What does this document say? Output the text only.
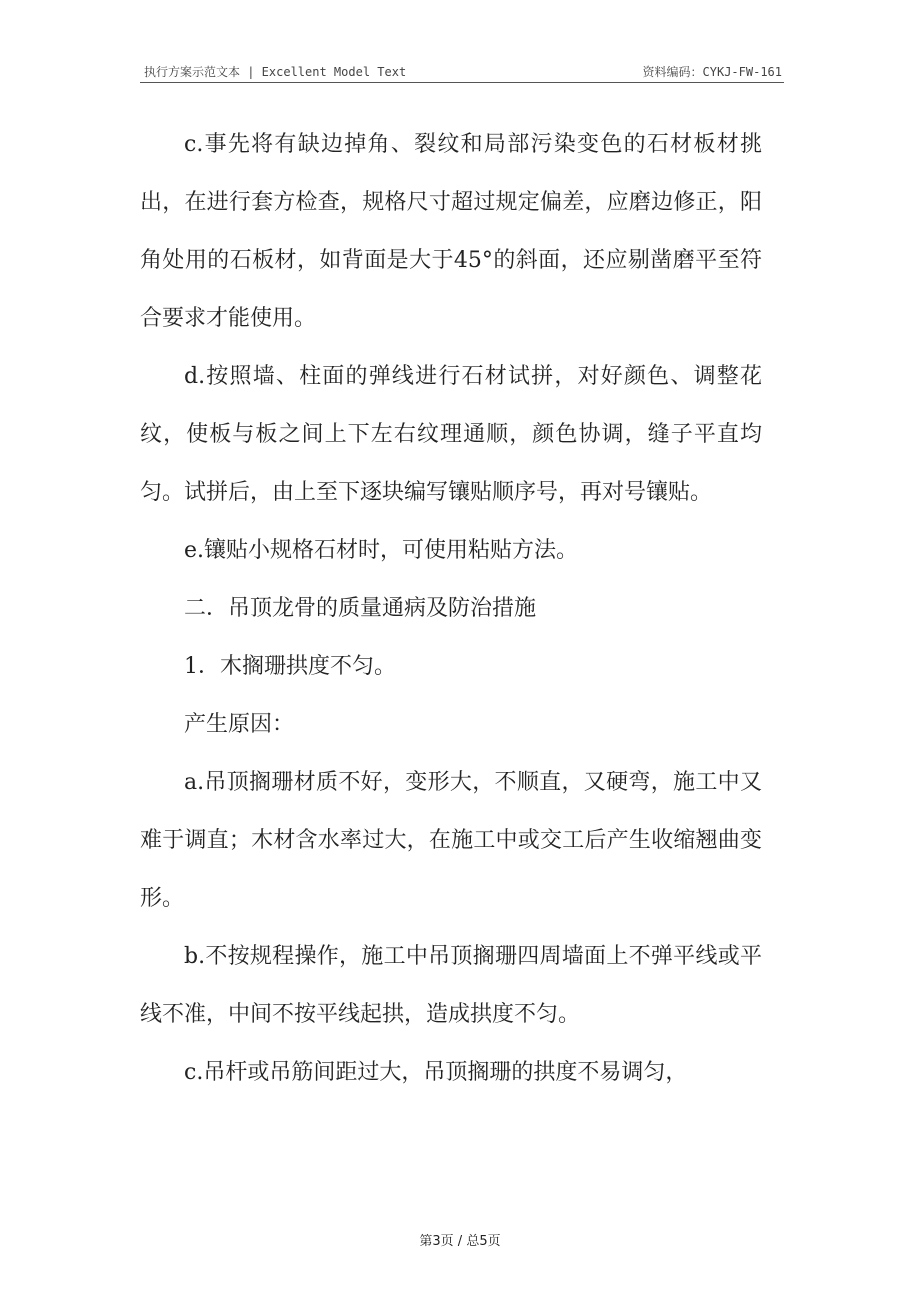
执行方案示范文本 | Excellent Model Text	资料编码：CYKJ-FW-161

c.事先将有缺边掉角、裂纹和局部污染变色的石材板材挑出，在进行套方检查，规格尺寸超过规定偏差，应磨边修正，阳角处用的石板材，如背面是大于45°的斜面，还应剔凿磨平至符合要求才能使用。

d.按照墙、柱面的弹线进行石材试拼，对好颜色、调整花纹，使板与板之间上下左右纹理通顺，颜色协调，缝子平直均匀。试拼后，由上至下逐块编写镶贴顺序号，再对号镶贴。

e.镶贴小规格石材时，可使用粘贴方法。

二．吊顶龙骨的质量通病及防治措施

1．木搁珊拱度不匀。

产生原因：

a.吊顶搁珊材质不好，变形大，不顺直，又硬弯，施工中又难于调直；木材含水率过大，在施工中或交工后产生收缩翘曲变形。

b.不按规程操作，施工中吊顶搁珊四周墙面上不弹平线或平线不准，中间不按平线起拱，造成拱度不匀。

c.吊杆或吊筋间距过大，吊顶搁珊的拱度不易调匀，

第3页 / 总5页
